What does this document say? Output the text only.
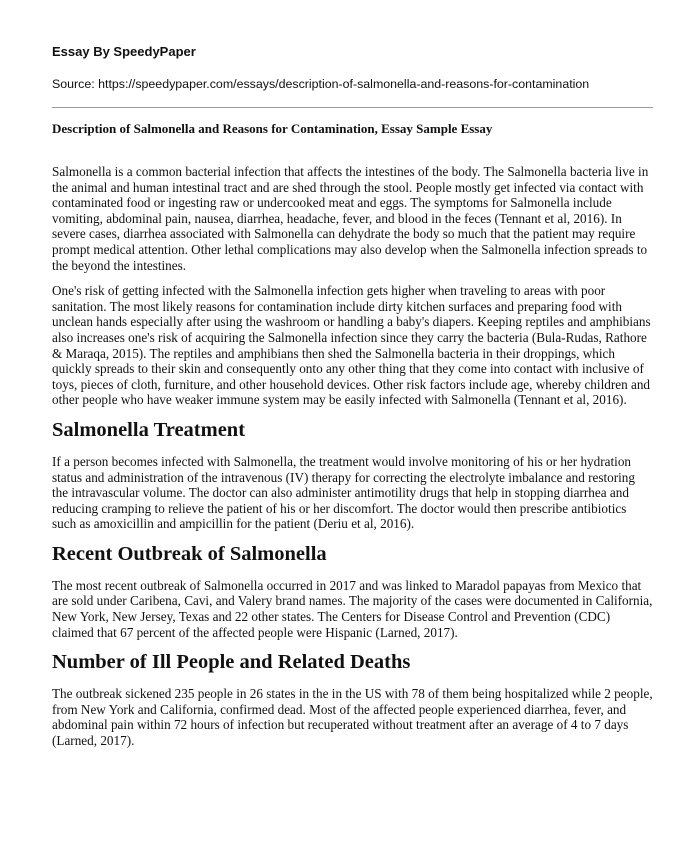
Essay By SpeedyPaper

Source: https://speedypaper.com/essays/description-of-salmonella-and-reasons-for-contamination

Description of Salmonella and Reasons for Contamination, Essay Sample Essay

Salmonella is a common bacterial infection that affects the intestines of the body. The Salmonella bacteria live in the animal and human intestinal tract and are shed through the stool. People mostly get infected via contact with contaminated food or ingesting raw or undercooked meat and eggs. The symptoms for Salmonella include vomiting, abdominal pain, nausea, diarrhea, headache, fever, and blood in the feces (Tennant et al, 2016). In severe cases, diarrhea associated with Salmonella can dehydrate the body so much that the patient may require prompt medical attention. Other lethal complications may also develop when the Salmonella infection spreads to the beyond the intestines.

One's risk of getting infected with the Salmonella infection gets higher when traveling to areas with poor sanitation. The most likely reasons for contamination include dirty kitchen surfaces and preparing food with unclean hands especially after using the washroom or handling a baby's diapers. Keeping reptiles and amphibians also increases one's risk of acquiring the Salmonella infection since they carry the bacteria (Bula-Rudas, Rathore & Maraqa, 2015). The reptiles and amphibians then shed the Salmonella bacteria in their droppings, which quickly spreads to their skin and consequently onto any other thing that they come into contact with inclusive of toys, pieces of cloth, furniture, and other household devices. Other risk factors include age, whereby children and other people who have weaker immune system may be easily infected with Salmonella (Tennant et al, 2016).

Salmonella Treatment

If a person becomes infected with Salmonella, the treatment would involve monitoring of his or her hydration status and administration of the intravenous (IV) therapy for correcting the electrolyte imbalance and restoring the intravascular volume. The doctor can also administer antimotility drugs that help in stopping diarrhea and reducing cramping to relieve the patient of his or her discomfort. The doctor would then prescribe antibiotics such as amoxicillin and ampicillin for the patient (Deriu et al, 2016).

Recent Outbreak of Salmonella

The most recent outbreak of Salmonella occurred in 2017 and was linked to Maradol papayas from Mexico that are sold under Caribena, Cavi, and Valery brand names. The majority of the cases were documented in California, New York, New Jersey, Texas and 22 other states. The Centers for Disease Control and Prevention (CDC) claimed that 67 percent of the affected people were Hispanic (Larned, 2017).

Number of Ill People and Related Deaths

The outbreak sickened 235 people in 26 states in the in the US with 78 of them being hospitalized while 2 people, from New York and California, confirmed dead. Most of the affected people experienced diarrhea, fever, and abdominal pain within 72 hours of infection but recuperated without treatment after an average of 4 to 7 days (Larned, 2017).
